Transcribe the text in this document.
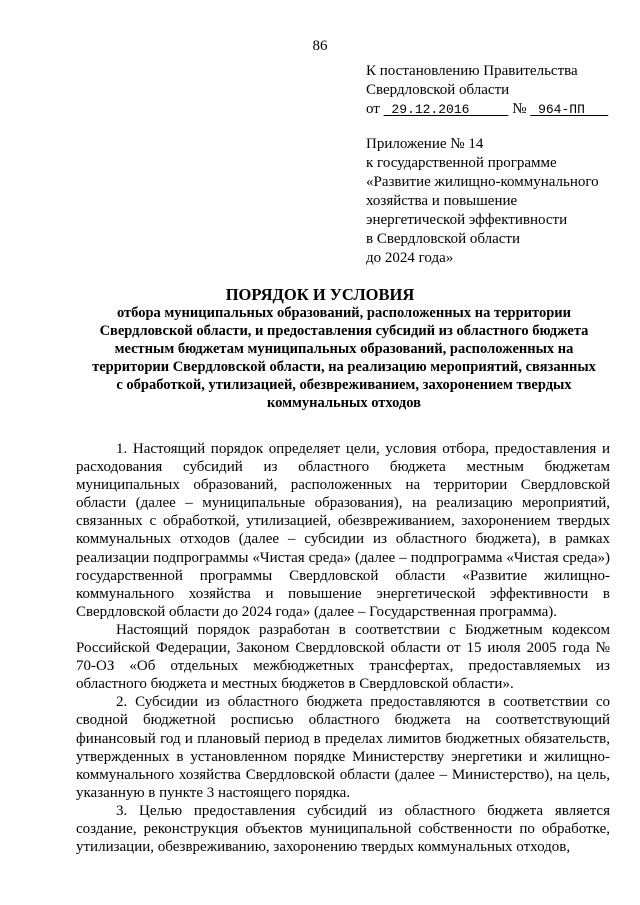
86
К постановлению Правительства
Свердловской области
от 29.12.2016	№ 964-ПП
Приложение № 14
к государственной программе
«Развитие жилищно-коммунального
хозяйства и повышение
энергетической эффективности
в Свердловской области
до 2024 года»
ПОРЯДОК И УСЛОВИЯ
отбора муниципальных образований, расположенных на территории
Свердловской области, и предоставления субсидий из областного бюджета
местным бюджетам муниципальных образований, расположенных на
территории Свердловской области, на реализацию мероприятий, связанных
с обработкой, утилизацией, обезвреживанием, захоронением твердых
коммунальных отходов

1. Настоящий порядок определяет цели, условия отбора, предоставления и расходования субсидий из областного бюджета местным бюджетам муниципальных образований, расположенных на территории Свердловской области (далее – муниципальные образования), на реализацию мероприятий, связанных с обработкой, утилизацией, обезвреживанием, захоронением твердых коммунальных отходов (далее – субсидии из областного бюджета), в рамках реализации подпрограммы «Чистая среда» (далее – подпрограмма «Чистая среда») государственной программы Свердловской области «Развитие жилищно-коммунального хозяйства и повышение энергетической эффективности в Свердловской области до 2024 года» (далее – Государственная программа).

Настоящий порядок разработан в соответствии с Бюджетным кодексом Российской Федерации, Законом Свердловской области от 15 июля 2005 года № 70-ОЗ «Об отдельных межбюджетных трансфертах, предоставляемых из областного бюджета и местных бюджетов в Свердловской области».

2. Субсидии из областного бюджета предоставляются в соответствии со сводной бюджетной росписью областного бюджета на соответствующий финансовый год и плановый период в пределах лимитов бюджетных обязательств, утвержденных в установленном порядке Министерству энергетики и жилищно-коммунального хозяйства Свердловской области (далее – Министерство), на цель, указанную в пункте 3 настоящего порядка.

3. Целью предоставления субсидий из областного бюджета является создание, реконструкция объектов муниципальной собственности по обработке, утилизации, обезвреживанию, захоронению твердых коммунальных отходов,
